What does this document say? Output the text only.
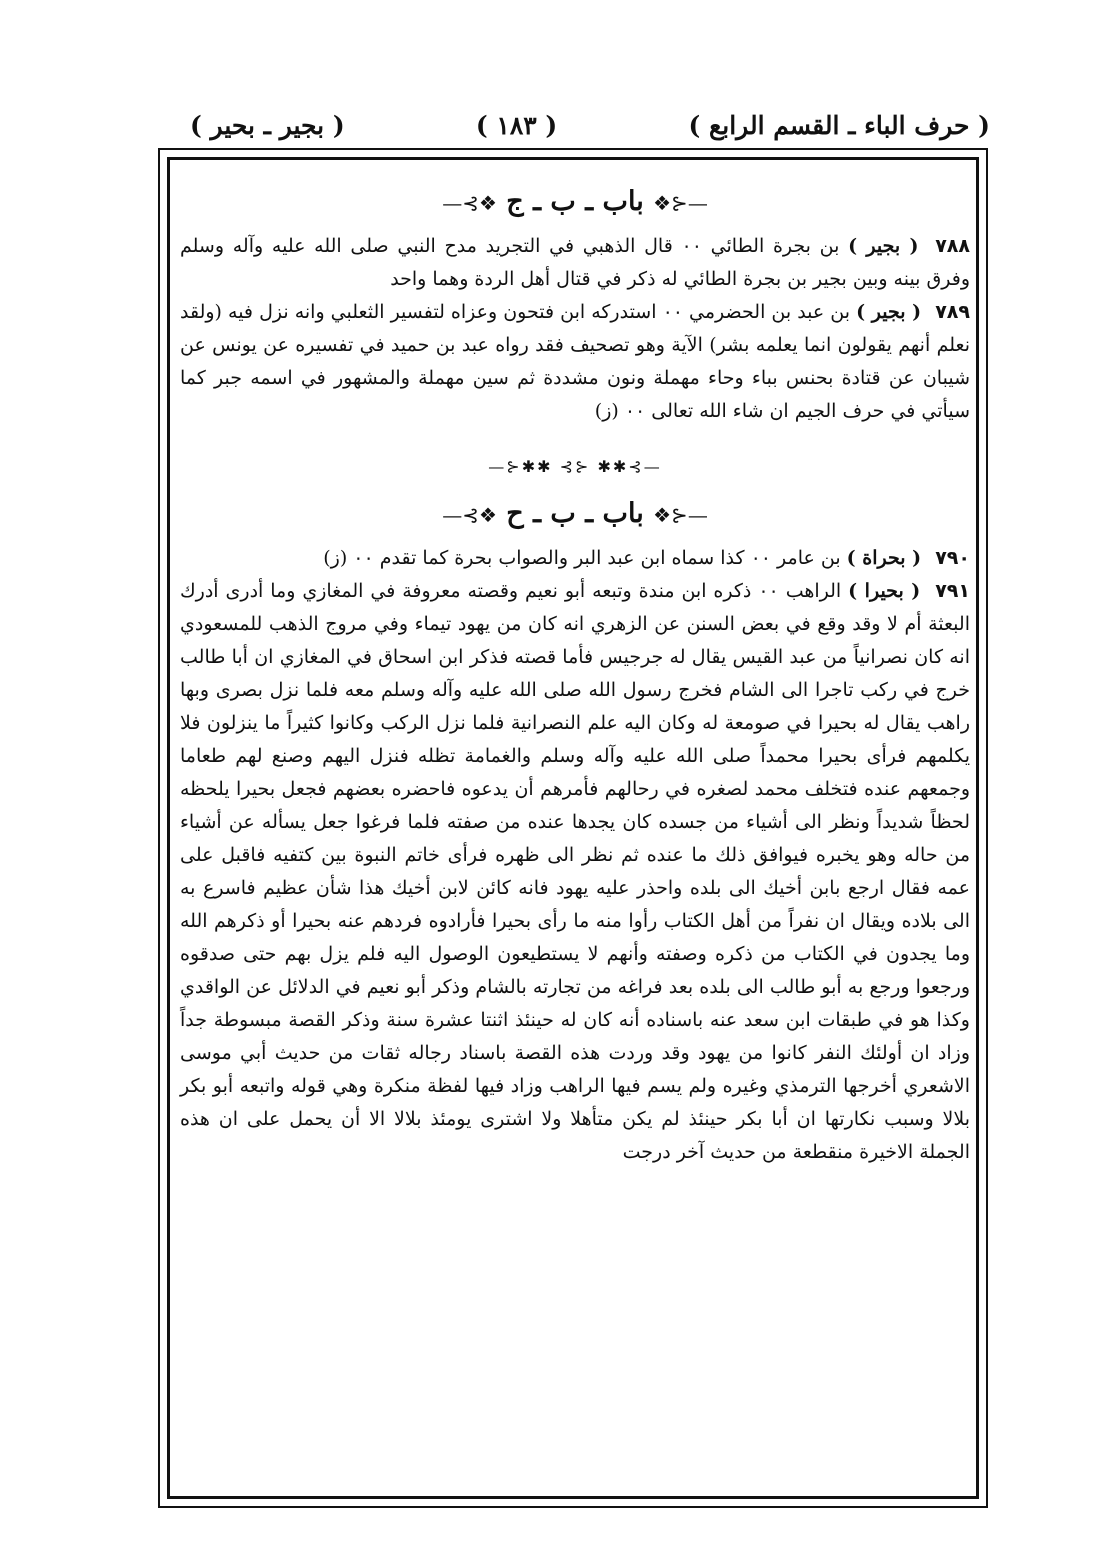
( حرف الباء ـ القسم الرابع )
( ١٨٣ )
( بجير ـ بحير )
—⊰❖ باب ـ ب ـ ج ❖⊱—

٧٨٨ ( بجير ) بن بجرة الطائي ٠٠ قال الذهبي في التجريد مدح النبي صلى الله عليه وآله وسلم وفرق بينه وبين بجير بن بجرة الطائي له ذكر في قتال أهل الردة وهما واحد

٧٨٩ ( بجير ) بن عبد بن الحضرمي ٠٠ استدركه ابن فتحون وعزاه لتفسير الثعلبي وانه نزل فيه (ولقد نعلم أنهم يقولون انما يعلمه بشر) الآية وهو تصحيف فقد رواه عبد بن حميد في تفسيره عن يونس عن شيبان عن قتادة بحنس بباء وحاء مهملة ونون مشددة ثم سين مهملة والمشهور في اسمه جبر كما سيأتي في حرف الجيم ان شاء الله تعالى ٠٠ (ز)

—⊱✱✱ ⊰⊱ ✱✱⊰—
—⊰❖ باب ـ ب ـ ح ❖⊱—

٧٩٠ ( بحراة ) بن عامر ٠٠ كذا سماه ابن عبد البر والصواب بحرة كما تقدم ٠٠ (ز)

٧٩١ ( بحيرا ) الراهب ٠٠ ذكره ابن مندة وتبعه أبو نعيم وقصته معروفة في المغازي وما أدرى أدرك البعثة أم لا وقد وقع في بعض السنن عن الزهري انه كان من يهود تيماء وفي مروج الذهب للمسعودي انه كان نصرانياً من عبد القيس يقال له جرجيس فأما قصته فذكر ابن اسحاق في المغازي ان أبا طالب خرج في ركب تاجرا الى الشام فخرج رسول الله صلى الله عليه وآله وسلم معه فلما نزل بصرى وبها راهب يقال له بحيرا في صومعة له وكان اليه علم النصرانية فلما نزل الركب وكانوا كثيراً ما ينزلون فلا يكلمهم فرأى بحيرا محمداً صلى الله عليه وآله وسلم والغمامة تظله فنزل اليهم وصنع لهم طعاما وجمعهم عنده فتخلف محمد لصغره في رحالهم فأمرهم أن يدعوه فاحضره بعضهم فجعل بحيرا يلحظه لحظاً شديداً ونظر الى أشياء من جسده كان يجدها عنده من صفته فلما فرغوا جعل يسأله عن أشياء من حاله وهو يخبره فيوافق ذلك ما عنده ثم نظر الى ظهره فرأى خاتم النبوة بين كتفيه فاقبل على عمه فقال ارجع بابن أخيك الى بلده واحذر عليه يهود فانه كائن لابن أخيك هذا شأن عظيم فاسرع به الى بلاده ويقال ان نفراً من أهل الكتاب رأوا منه ما رأى بحيرا فأرادوه فردهم عنه بحيرا أو ذكرهم الله وما يجدون في الكتاب من ذكره وصفته وأنهم لا يستطيعون الوصول اليه فلم يزل بهم حتى صدقوه ورجعوا ورجع به أبو طالب الى بلده بعد فراغه من تجارته بالشام وذكر أبو نعيم في الدلائل عن الواقدي وكذا هو في طبقات ابن سعد عنه باسناده أنه كان له حينئذ اثنتا عشرة سنة وذكر القصة مبسوطة جداً وزاد ان أولئك النفر كانوا من يهود وقد وردت هذه القصة باسناد رجاله ثقات من حديث أبي موسى الاشعري أخرجها الترمذي وغيره ولم يسم فيها الراهب وزاد فيها لفظة منكرة وهي قوله واتبعه أبو بكر بلالا وسبب نكارتها ان أبا بكر حينئذ لم يكن متأهلا ولا اشترى يومئذ بلالا الا أن يحمل على ان هذه الجملة الاخيرة منقطعة من حديث آخر درجت
